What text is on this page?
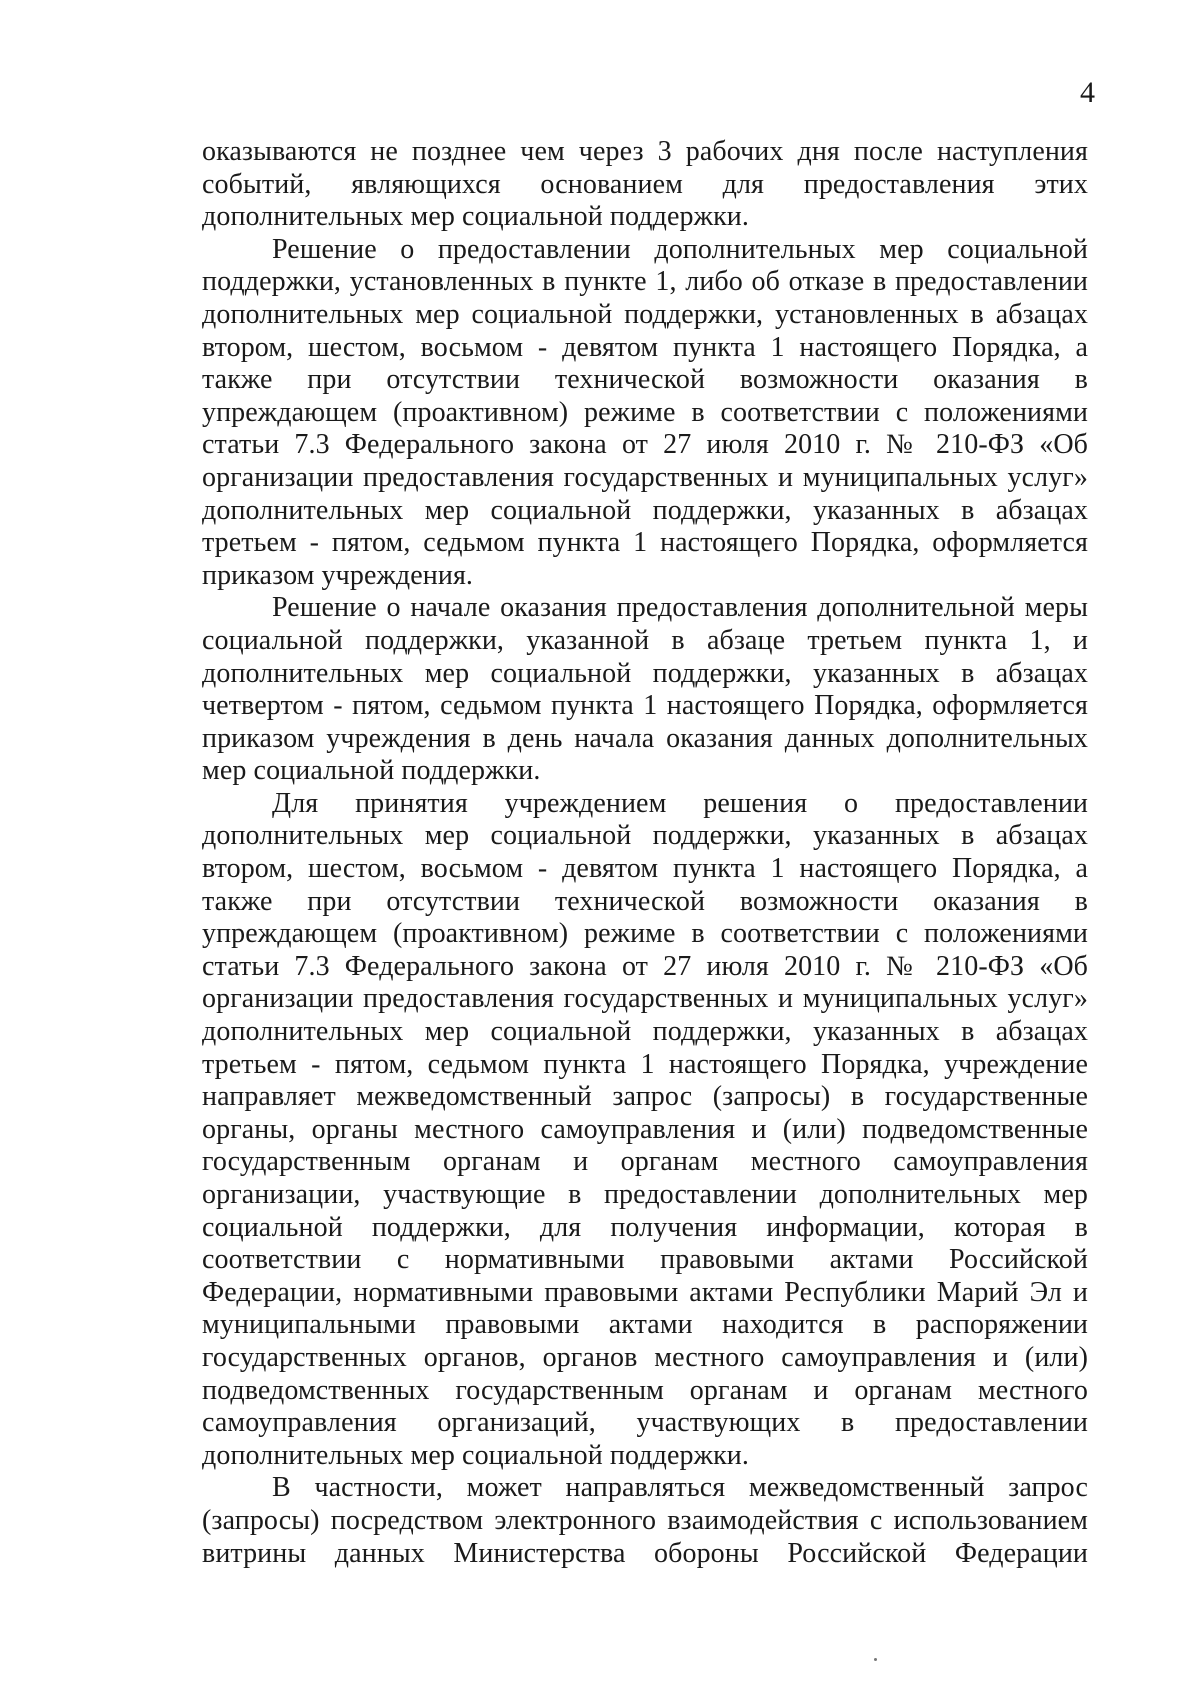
4

оказываются не позднее чем через 3 рабочих дня после наступления событий, являющихся основанием для предоставления этих дополнительных мер социальной поддержки.

Решение о предоставлении дополнительных мер социальной поддержки, установленных в пункте 1, либо об отказе в предоставлении дополнительных мер социальной поддержки, установленных в абзацах втором, шестом, восьмом - девятом пункта 1 настоящего Порядка, а также при отсутствии технической возможности оказания в упреждающем (проактивном) режиме в соответствии с положениями статьи 7.3 Федерального закона от 27 июля 2010 г. № 210-ФЗ «Об организации предоставления государственных и муниципальных услуг» дополнительных мер социальной поддержки, указанных в абзацах третьем - пятом, седьмом пункта 1 настоящего Порядка, оформляется приказом учреждения.

Решение о начале оказания предоставления дополнительной меры социальной поддержки, указанной в абзаце третьем пункта 1, и дополнительных мер социальной поддержки, указанных в абзацах четвертом - пятом, седьмом пункта 1 настоящего Порядка, оформляется приказом учреждения в день начала оказания данных дополнительных мер социальной поддержки.

Для принятия учреждением решения о предоставлении дополнительных мер социальной поддержки, указанных в абзацах втором, шестом, восьмом - девятом пункта 1 настоящего Порядка, а также при отсутствии технической возможности оказания в упреждающем (проактивном) режиме в соответствии с положениями статьи 7.3 Федерального закона от 27 июля 2010 г. № 210-ФЗ «Об организации предоставления государственных и муниципальных услуг» дополнительных мер социальной поддержки, указанных в абзацах третьем - пятом, седьмом пункта 1 настоящего Порядка, учреждение направляет межведомственный запрос (запросы) в государственные органы, органы местного самоуправления и (или) подведомственные государственным органам и органам местного самоуправления организации, участвующие в предоставлении дополнительных мер социальной поддержки, для получения информации, которая в соответствии с нормативными правовыми актами Российской Федерации, нормативными правовыми актами Республики Марий Эл и муниципальными правовыми актами находится в распоряжении государственных органов, органов местного самоуправления и (или) подведомственных государственным органам и органам местного самоуправления организаций, участвующих в предоставлении дополнительных мер социальной поддержки.

В частности, может направляться межведомственный запрос (запросы) посредством электронного взаимодействия с использованием витрины данных Министерства обороны Российской Федерации
